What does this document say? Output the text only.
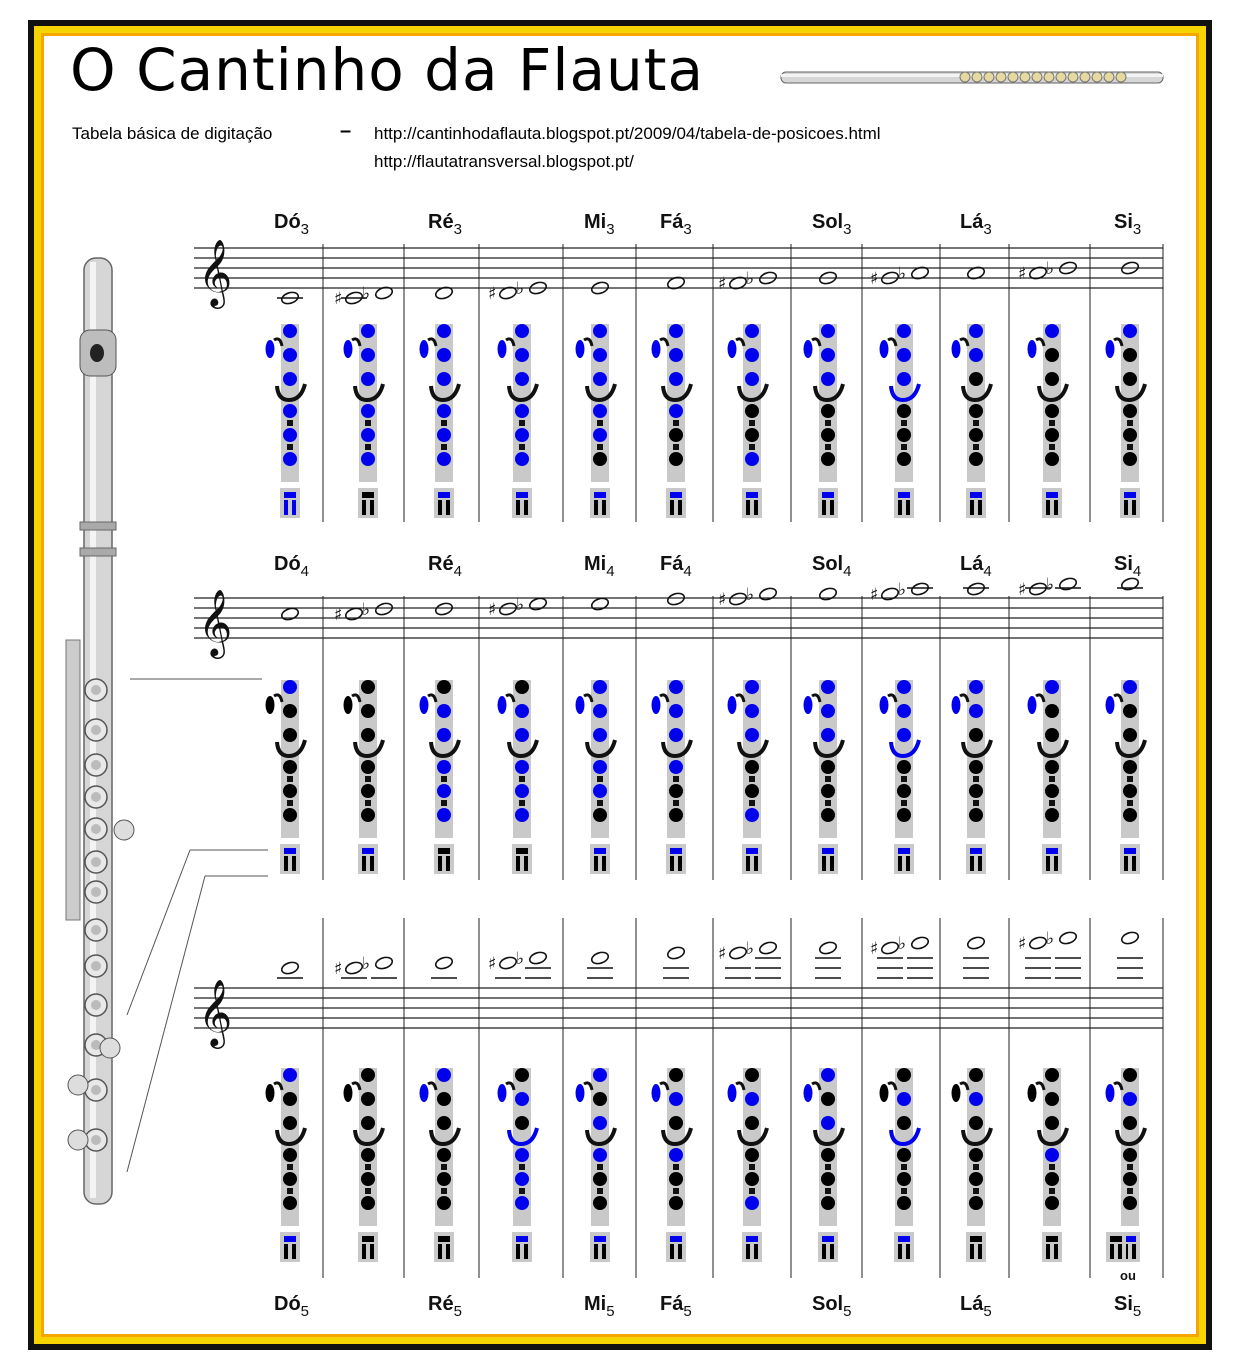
O Cantinho da Flauta
Tabela básica de digitação	– http://cantinhodaflauta.blogspot.pt/2009/04/tabela-de-posicoes.html
http://flautatransversal.blogspot.pt/
𝄞	♯ ♭	♯ ♭	♯ ♭	♯ ♭	♯ ♭
𝄞	♯ ♭	♯ ♭	♯ ♭	♯ ♭	♯ ♭
𝄞
♯ ♭	♯ ♭	♯ ♭	♯ ♭	♯ ♭
$Dó_3$	$Ré_3$	$Mi_3$ $Fá_3$	Sol$_3$	$Lá_3$	$Si_3$
$Dó_4$	$Ré_4$	$Mi_4$ $Fá_4$	Sol$_4$	$Lá_4$	$Si_4$
$Dó_5$	$Ré_5$	$Mi_5$ $Fá_5$	Sol$_5$	$Lá_5$	$Si_5$
ou
